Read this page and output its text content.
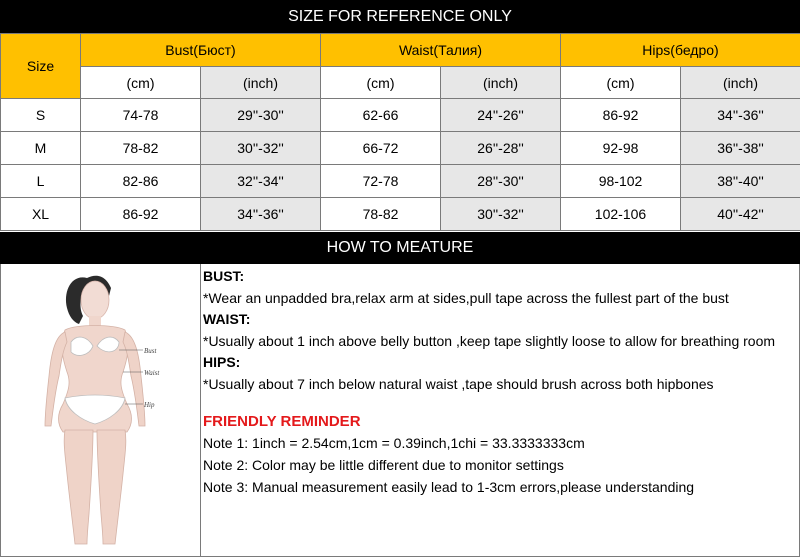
SIZE FOR REFERENCE ONLY
Size	Bust(Бюст)		Waist(Талия)		Hips(бедро)	
	(cm)	(inch)	(cm)	(inch)	(cm)	(inch)
S	74-78	29''-30''	62-66	24''-26''	86-92	34''-36''
M	78-82	30''-32''	66-72	26''-28''	92-98	36''-38''
L	82-86	32''-34''	72-78	28''-30''	98-102	38''-40''
XL	86-92	34''-36''	78-82	30''-32''	102-106	40''-42''
HOW TO MEATURE
Bust
Waist
Hip
BUST:
*Wear an unpadded bra,relax arm at sides,pull tape across the fullest part of the bust
WAIST:
*Usually about 1 inch above belly button ,keep tape slightly loose to allow for breathing room
HIPS:
*Usually about 7 inch below natural waist ,tape should brush across both hipbones
FRIENDLY REMINDER
Note 1: 1inch = 2.54cm,1cm = 0.39inch,1chi = 33.3333333cm
Note 2: Color may be little different due to monitor settings
Note 3: Manual measurement easily lead to 1-3cm errors,please understanding
